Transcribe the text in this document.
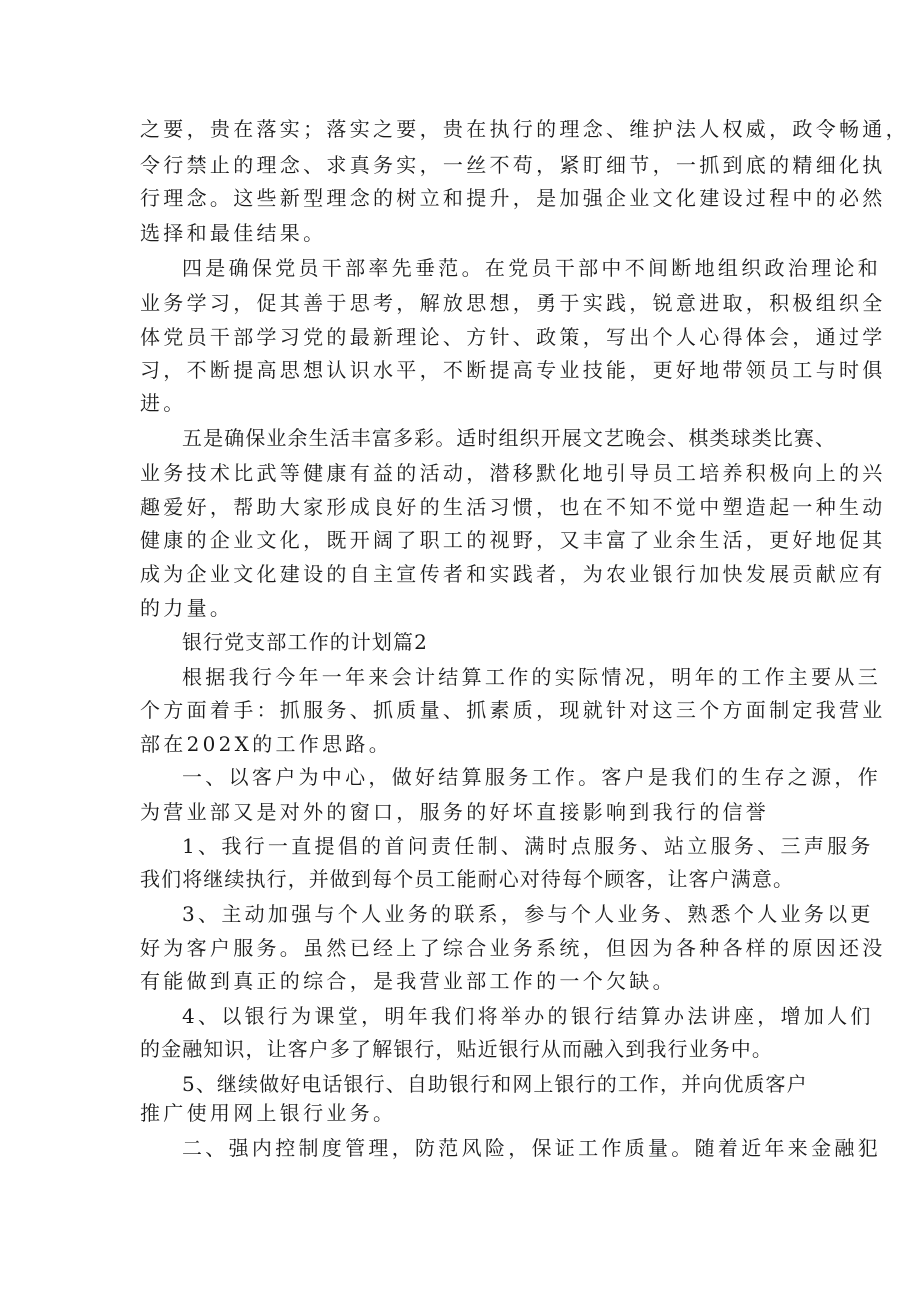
之要，贵在落实；落实之要，贵在执行的理念、维护法人权威，政令畅通，
令行禁止的理念、求真务实，一丝不苟，紧盯细节，一抓到底的精细化执
行理念。这些新型理念的树立和提升，是加强企业文化建设过程中的必然
选择和最佳结果。
四是确保党员干部率先垂范。在党员干部中不间断地组织政治理论和
业务学习，促其善于思考，解放思想，勇于实践，锐意进取，积极组织全
体党员干部学习党的最新理论、方针、政策，写出个人心得体会，通过学
习，不断提高思想认识水平，不断提高专业技能，更好地带领员工与时俱
进。
五是确保业余生活丰富多彩。适时组织开展文艺晚会、棋类球类比赛、
业务技术比武等健康有益的活动，潜移默化地引导员工培养积极向上的兴
趣爱好，帮助大家形成良好的生活习惯，也在不知不觉中塑造起一种生动
健康的企业文化，既开阔了职工的视野，又丰富了业余生活，更好地促其
成为企业文化建设的自主宣传者和实践者，为农业银行加快发展贡献应有
的力量。
银行党支部工作的计划篇2
根据我行今年一年来会计结算工作的实际情况，明年的工作主要从三
个方面着手：抓服务、抓质量、抓素质，现就针对这三个方面制定我营业
部在202X的工作思路。
一、以客户为中心，做好结算服务工作。客户是我们的生存之源，作
为营业部又是对外的窗口，服务的好坏直接影响到我行的信誉
1、我行一直提倡的首问责任制、满时点服务、站立服务、三声服务
我们将继续执行，并做到每个员工能耐心对待每个顾客，让客户满意。
3、主动加强与个人业务的联系，参与个人业务、熟悉个人业务以更
好为客户服务。虽然已经上了综合业务系统，但因为各种各样的原因还没
有能做到真正的综合，是我营业部工作的一个欠缺。
4、以银行为课堂，明年我们将举办的银行结算办法讲座，增加人们
的金融知识，让客户多了解银行，贴近银行从而融入到我行业务中。
5、继续做好电话银行、自助银行和网上银行的工作，并向优质客户
推广使用网上银行业务。
二、强内控制度管理，防范风险，保证工作质量。随着近年来金融犯
